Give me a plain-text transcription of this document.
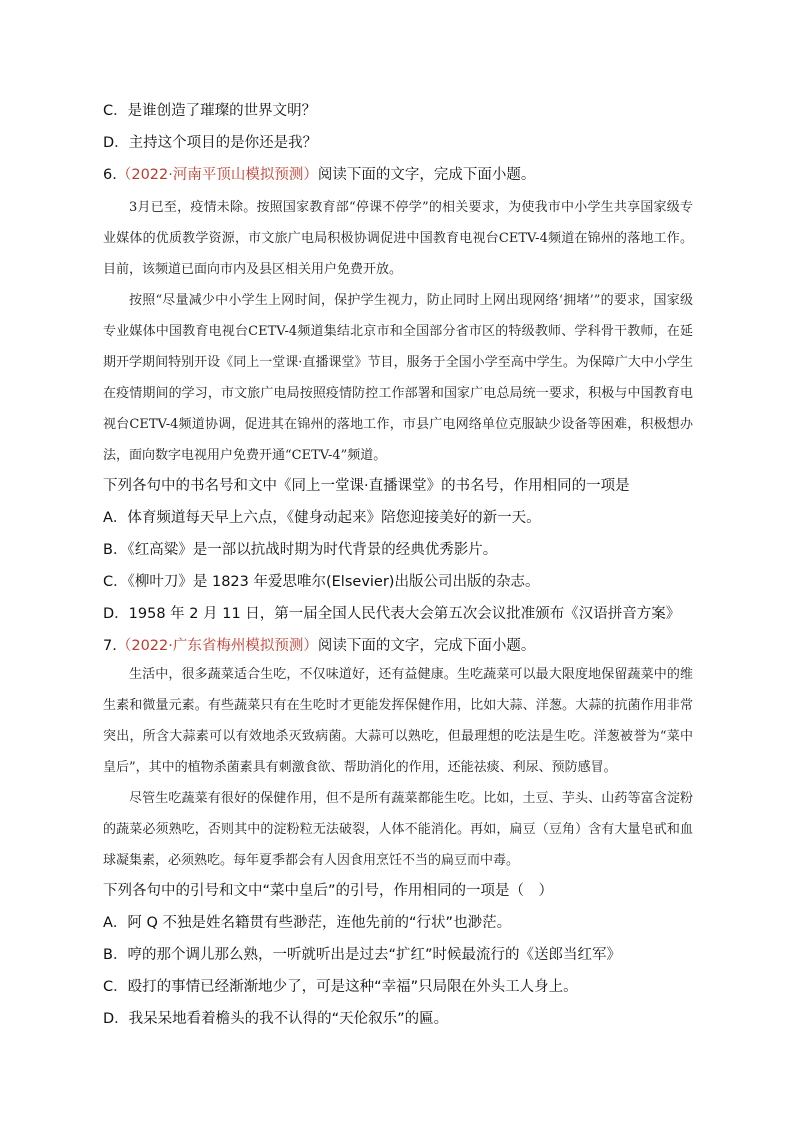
C．是谁创造了璀璨的世界文明？
D．主持这个项目的是你还是我？
6.（2022·河南平顶山模拟预测）阅读下面的文字，完成下面小题。

3月已至，疫情未除。按照国家教育部“停课不停学”的相关要求，为使我市中小学生共享国家级专业媒体的优质教学资源，市文旅广电局积极协调促进中国教育电视台CETV-4频道在锦州的落地工作。目前，该频道已面向市内及县区相关用户免费开放。

按照“尽量减少中小学生上网时间，保护学生视力，防止同时上网出现网络‘拥堵’”的要求，国家级专业媒体中国教育电视台CETV-4频道集结北京市和全国部分省市区的特级教师、学科骨干教师，在延期开学期间特别开设《同上一堂课·直播课堂》节目，服务于全国小学至高中学生。为保障广大中小学生在疫情期间的学习，市文旅广电局按照疫情防控工作部署和国家广电总局统一要求，积极与中国教育电视台CETV-4频道协调，促进其在锦州的落地工作，市县广电网络单位克服缺少设备等困难，积极想办法，面向数字电视用户免费开通“CETV-4”频道。

下列各句中的书名号和文中《同上一堂课·直播课堂》的书名号，作用相同的一项是
A．体育频道每天早上六点，《健身动起来》陪您迎接美好的新一天。
B．《红高粱》是一部以抗战时期为时代背景的经典优秀影片。
C．《柳叶刀》是 1823 年爱思唯尔(Elsevier)出版公司出版的杂志。
D．1958 年 2 月 11 日，第一届全国人民代表大会第五次会议批准颁布《汉语拼音方案》
7.（2022·广东省梅州模拟预测）阅读下面的文字，完成下面小题。

生活中，很多蔬菜适合生吃，不仅味道好，还有益健康。生吃蔬菜可以最大限度地保留蔬菜中的维生素和微量元素。有些蔬菜只有在生吃时才更能发挥保健作用，比如大蒜、洋葱。大蒜的抗菌作用非常突出，所含大蒜素可以有效地杀灭致病菌。大蒜可以熟吃，但最理想的吃法是生吃。洋葱被誉为“菜中皇后”，其中的植物杀菌素具有刺激食欲、帮助消化的作用，还能祛痰、利尿、预防感冒。

尽管生吃蔬菜有很好的保健作用，但不是所有蔬菜都能生吃。比如，土豆、芋头、山药等富含淀粉的蔬菜必须熟吃，否则其中的淀粉粒无法破裂，人体不能消化。再如，扁豆（豆角）含有大量皂甙和血球凝集素，必须熟吃。每年夏季都会有人因食用烹饪不当的扁豆而中毒。

下列各句中的引号和文中“菜中皇后”的引号，作用相同的一项是（　）
A．阿 Q 不独是姓名籍贯有些渺茫，连他先前的“行状”也渺茫。
B．哼的那个调儿那么熟，一听就听出是过去“扩红”时候最流行的《送郎当红军》
C．殴打的事情已经渐渐地少了，可是这种“幸福”只局限在外头工人身上。
D．我呆呆地看着檐头的我不认得的“天伦叙乐”的匾。
